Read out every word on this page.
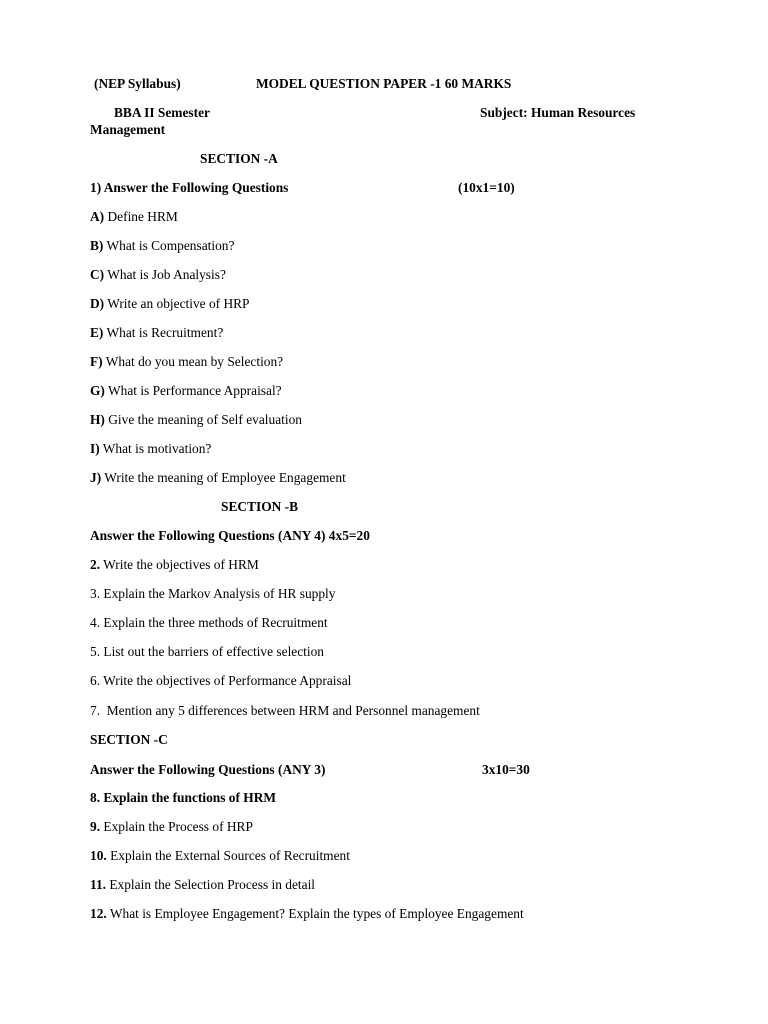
(NEP Syllabus)	MODEL QUESTION PAPER -1 60 MARKS
BBA II Semester	Subject: Human Resources
Management
SECTION -A
1) Answer the Following Questions	(10x1=10)
A) Define HRM
B) What is Compensation?
C) What is Job Analysis?
D) Write an objective of HRP
E) What is Recruitment?
F) What do you mean by Selection?
G) What is Performance Appraisal?
H) Give the meaning of Self evaluation
I) What is motivation?
J) Write the meaning of Employee Engagement
SECTION -B
Answer the Following Questions (ANY 4) 4x5=20
2. Write the objectives of HRM
3. Explain the Markov Analysis of HR supply
4. Explain the three methods of Recruitment
5. List out the barriers of effective selection
6. Write the objectives of Performance Appraisal
7.  Mention any 5 differences between HRM and Personnel management
SECTION -C
Answer the Following Questions (ANY 3)	3x10=30
8. Explain the functions of HRM
9. Explain the Process of HRP
10. Explain the External Sources of Recruitment
11. Explain the Selection Process in detail
12. What is Employee Engagement? Explain the types of Employee Engagement
